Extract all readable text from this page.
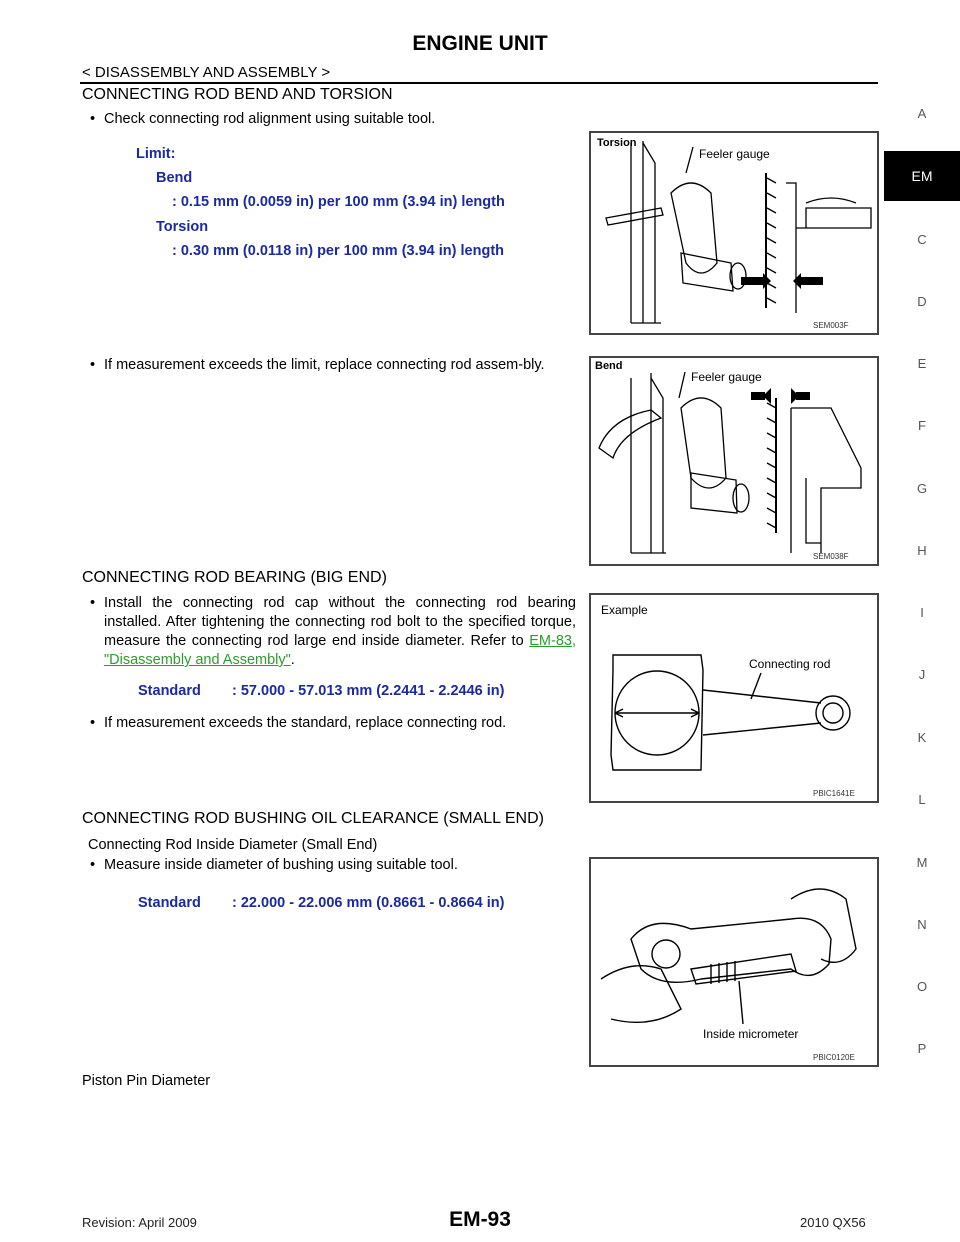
ENGINE UNIT
< DISASSEMBLY AND ASSEMBLY >
CONNECTING ROD BEND AND TORSION
• Check connecting rod alignment using suitable tool.
Limit:
Bend
: 0.15 mm (0.0059 in) per 100 mm (3.94 in) length
Torsion
: 0.30 mm (0.0118 in) per 100 mm (3.94 in) length
• If measurement exceeds the limit, replace connecting rod assem-bly.
Torsion
Feeler gauge
SEM003F
Bend
Feeler gauge
SEM038F
CONNECTING ROD BEARING (BIG END)
• Install the connecting rod cap without the connecting rod bearing installed. After tightening the connecting rod bolt to the specified torque, measure the connecting rod large end inside diameter. Refer to EM-83, "Disassembly and Assembly".
Standard : 57.000 - 57.013 mm (2.2441 - 2.2446 in)
• If measurement exceeds the standard, replace connecting rod.
Example
Connecting rod
PBIC1641E
CONNECTING ROD BUSHING OIL CLEARANCE (SMALL END)
Connecting Rod Inside Diameter (Small End)
• Measure inside diameter of bushing using suitable tool.
Standard : 22.000 - 22.006 mm (0.8661 - 0.8664 in)
Inside micrometer
PBIC0120E
Piston Pin Diameter
A
EM
C
D
E
F
G
H
I
J
K
L
M
N
O
P
Revision: April 2009	EM-93	2010 QX56
